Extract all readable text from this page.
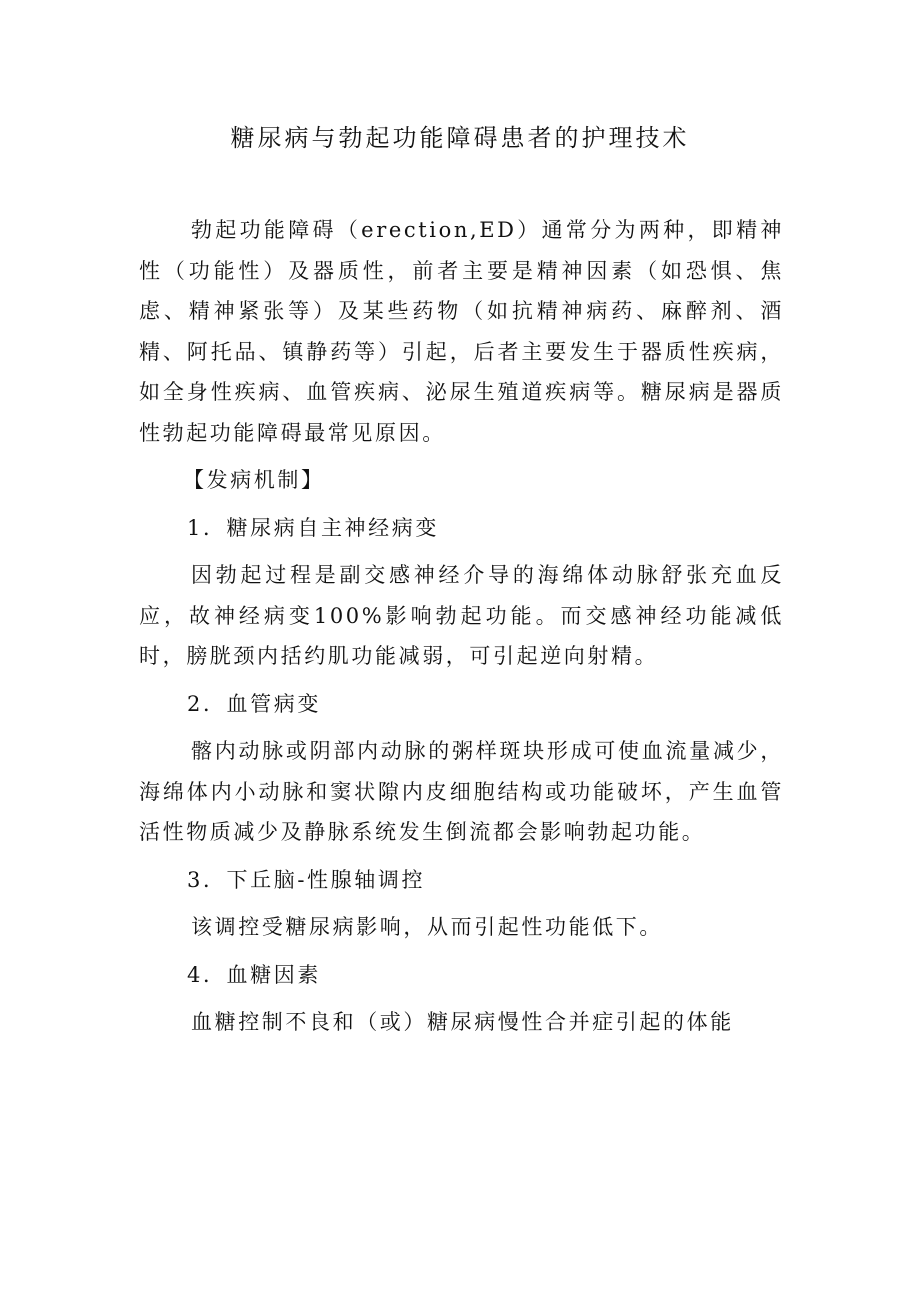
糖尿病与勃起功能障碍患者的护理技术

勃起功能障碍（erection,ED）通常分为两种，即精神性（功能性）及器质性，前者主要是精神因素（如恐惧、焦虑、精神紧张等）及某些药物（如抗精神病药、麻醉剂、酒精、阿托品、镇静药等）引起，后者主要发生于器质性疾病，如全身性疾病、血管疾病、泌尿生殖道疾病等。糖尿病是器质性勃起功能障碍最常见原因。

【发病机制】

1．糖尿病自主神经病变

因勃起过程是副交感神经介导的海绵体动脉舒张充血反应，故神经病变100%影响勃起功能。而交感神经功能减低时，膀胱颈内括约肌功能减弱，可引起逆向射精。

2．血管病变

髂内动脉或阴部内动脉的粥样斑块形成可使血流量减少，海绵体内小动脉和窦状隙内皮细胞结构或功能破坏，产生血管活性物质减少及静脉系统发生倒流都会影响勃起功能。

3．下丘脑-性腺轴调控

该调控受糖尿病影响，从而引起性功能低下。

4．血糖因素

血糖控制不良和（或）糖尿病慢性合并症引起的体能
